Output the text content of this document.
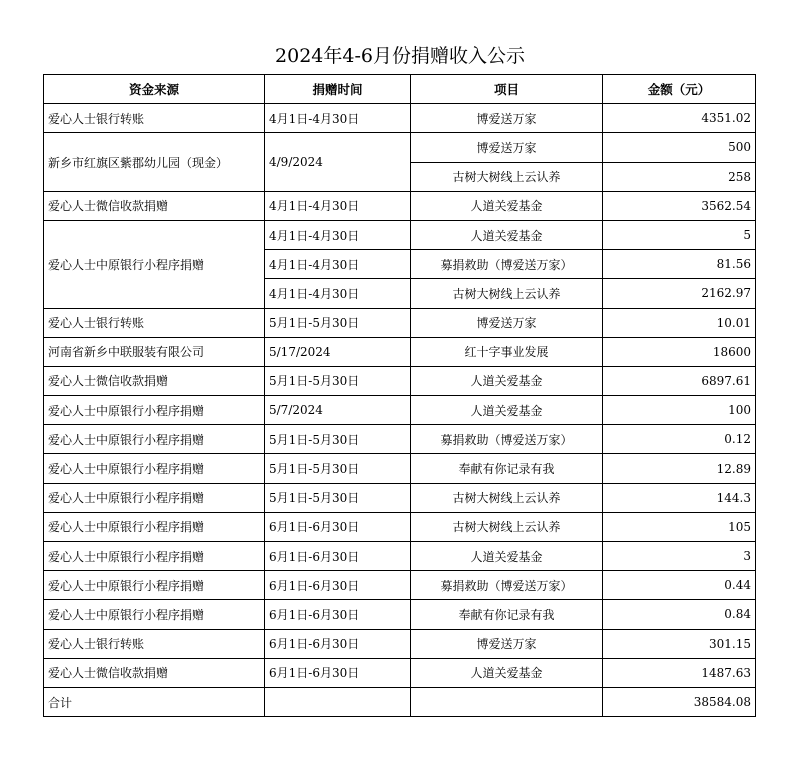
2024年4-6月份捐赠收入公示
资金来源	捐赠时间	项目	金额（元）
爱心人士银行转账	4月1日-4月30日	博爱送万家	4351.02
新乡市红旗区紫郡幼儿园（现金）	4/9/2024	博爱送万家	500
		古树大树线上云认养	258
爱心人士微信收款捐赠	4月1日-4月30日	人道关爱基金	3562.54
爱心人士中原银行小程序捐赠	4月1日-4月30日	人道关爱基金	5
	4月1日-4月30日	募捐救助（博爱送万家）	81.56
	4月1日-4月30日	古树大树线上云认养	2162.97
爱心人士银行转账	5月1日-5月30日	博爱送万家	10.01
河南省新乡中联服装有限公司	5/17/2024	红十字事业发展	18600
爱心人士微信收款捐赠	5月1日-5月30日	人道关爱基金	6897.61
爱心人士中原银行小程序捐赠	5/7/2024	人道关爱基金	100
爱心人士中原银行小程序捐赠	5月1日-5月30日	募捐救助（博爱送万家）	0.12
爱心人士中原银行小程序捐赠	5月1日-5月30日	奉献有你记录有我	12.89
爱心人士中原银行小程序捐赠	5月1日-5月30日	古树大树线上云认养	144.3
爱心人士中原银行小程序捐赠	6月1日-6月30日	古树大树线上云认养	105
爱心人士中原银行小程序捐赠	6月1日-6月30日	人道关爱基金	3
爱心人士中原银行小程序捐赠	6月1日-6月30日	募捐救助（博爱送万家）	0.44
爱心人士中原银行小程序捐赠	6月1日-6月30日	奉献有你记录有我	0.84
爱心人士银行转账	6月1日-6月30日	博爱送万家	301.15
爱心人士微信收款捐赠	6月1日-6月30日	人道关爱基金	1487.63
合计			38584.08
